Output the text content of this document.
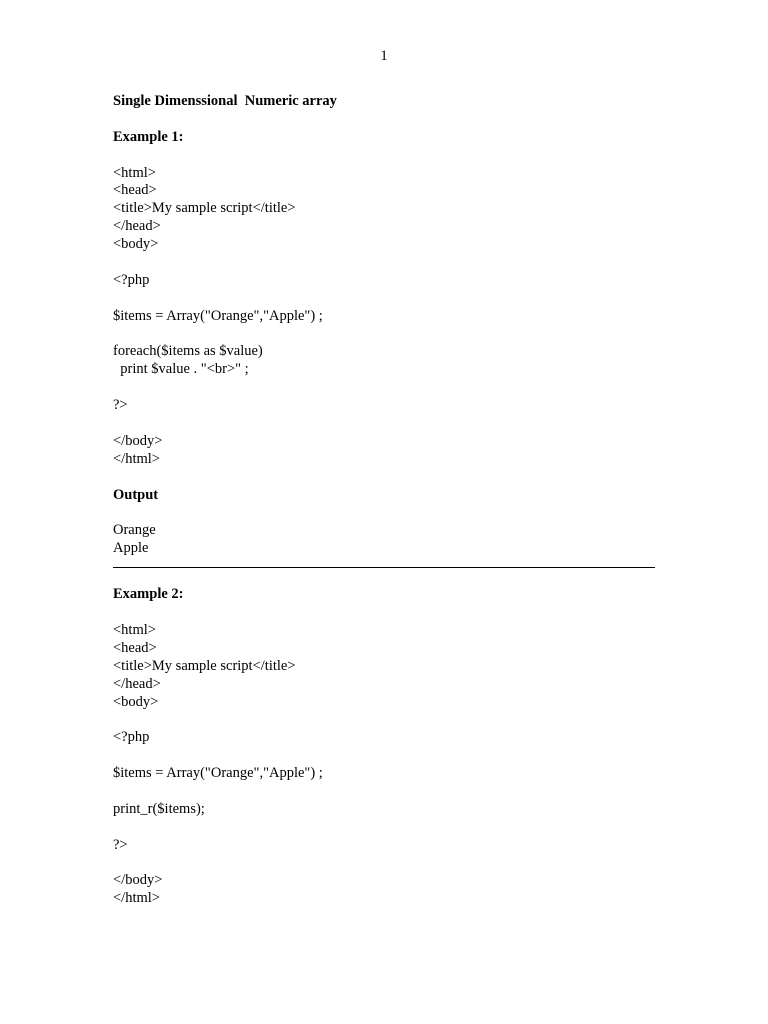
1
Single Dimenssional  Numeric array
Example 1:
<html>
<head>
<title>My sample script</title>
</head>
<body>
<?php
$items = Array("Orange","Apple") ;
foreach($items as $value)
print $value . "<br>" ;
?>
</body>
</html>
Output
Orange
Apple
Example 2:
<html>
<head>
<title>My sample script</title>
</head>
<body>
<?php
$items = Array("Orange","Apple") ;
print_r($items);
?>
</body>
</html>
